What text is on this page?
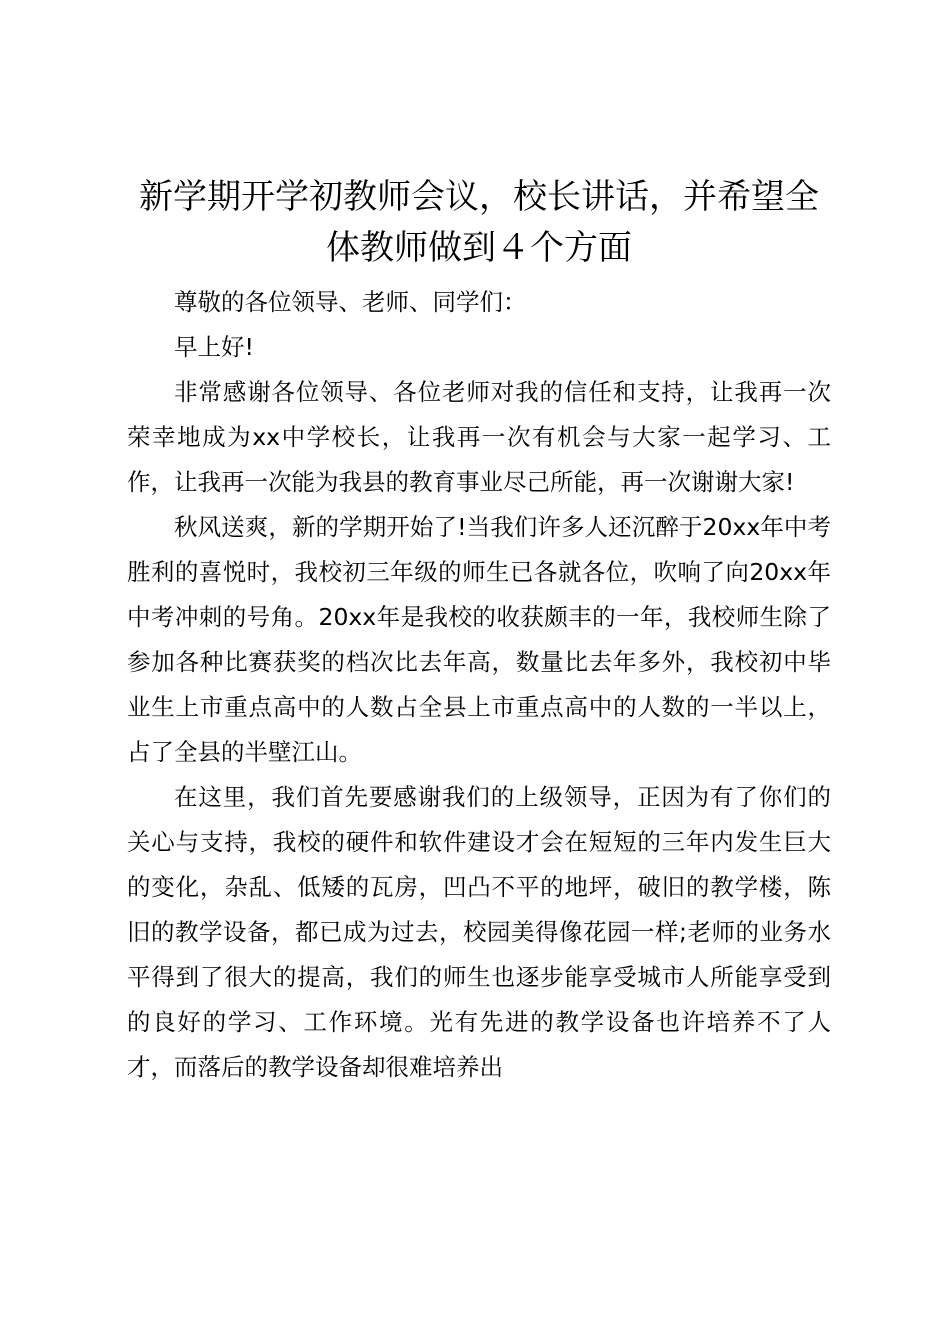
新学期开学初教师会议，校长讲话，并希望全体教师做到４个方面

尊敬的各位领导、老师、同学们：

早上好!

非常感谢各位领导、各位老师对我的信任和支持，让我再一次荣幸地成为xx中学校长，让我再一次有机会与大家一起学习、工作，让我再一次能为我县的教育事业尽己所能，再一次谢谢大家!

秋风送爽，新的学期开始了!当我们许多人还沉醉于20xx年中考胜利的喜悦时，我校初三年级的师生已各就各位，吹响了向20xx年中考冲刺的号角。20xx年是我校的收获颇丰的一年，我校师生除了参加各种比赛获奖的档次比去年高，数量比去年多外，我校初中毕业生上市重点高中的人数占全县上市重点高中的人数的一半以上，占了全县的半壁江山。

在这里，我们首先要感谢我们的上级领导，正因为有了你们的关心与支持，我校的硬件和软件建设才会在短短的三年内发生巨大的变化，杂乱、低矮的瓦房，凹凸不平的地坪，破旧的教学楼，陈旧的教学设备，都已成为过去，校园美得像花园一样;老师的业务水平得到了很大的提高，我们的师生也逐步能享受城市人所能享受到的良好的学习、工作环境。光有先进的教学设备也许培养不了人才，而落后的教学设备却很难培养出
